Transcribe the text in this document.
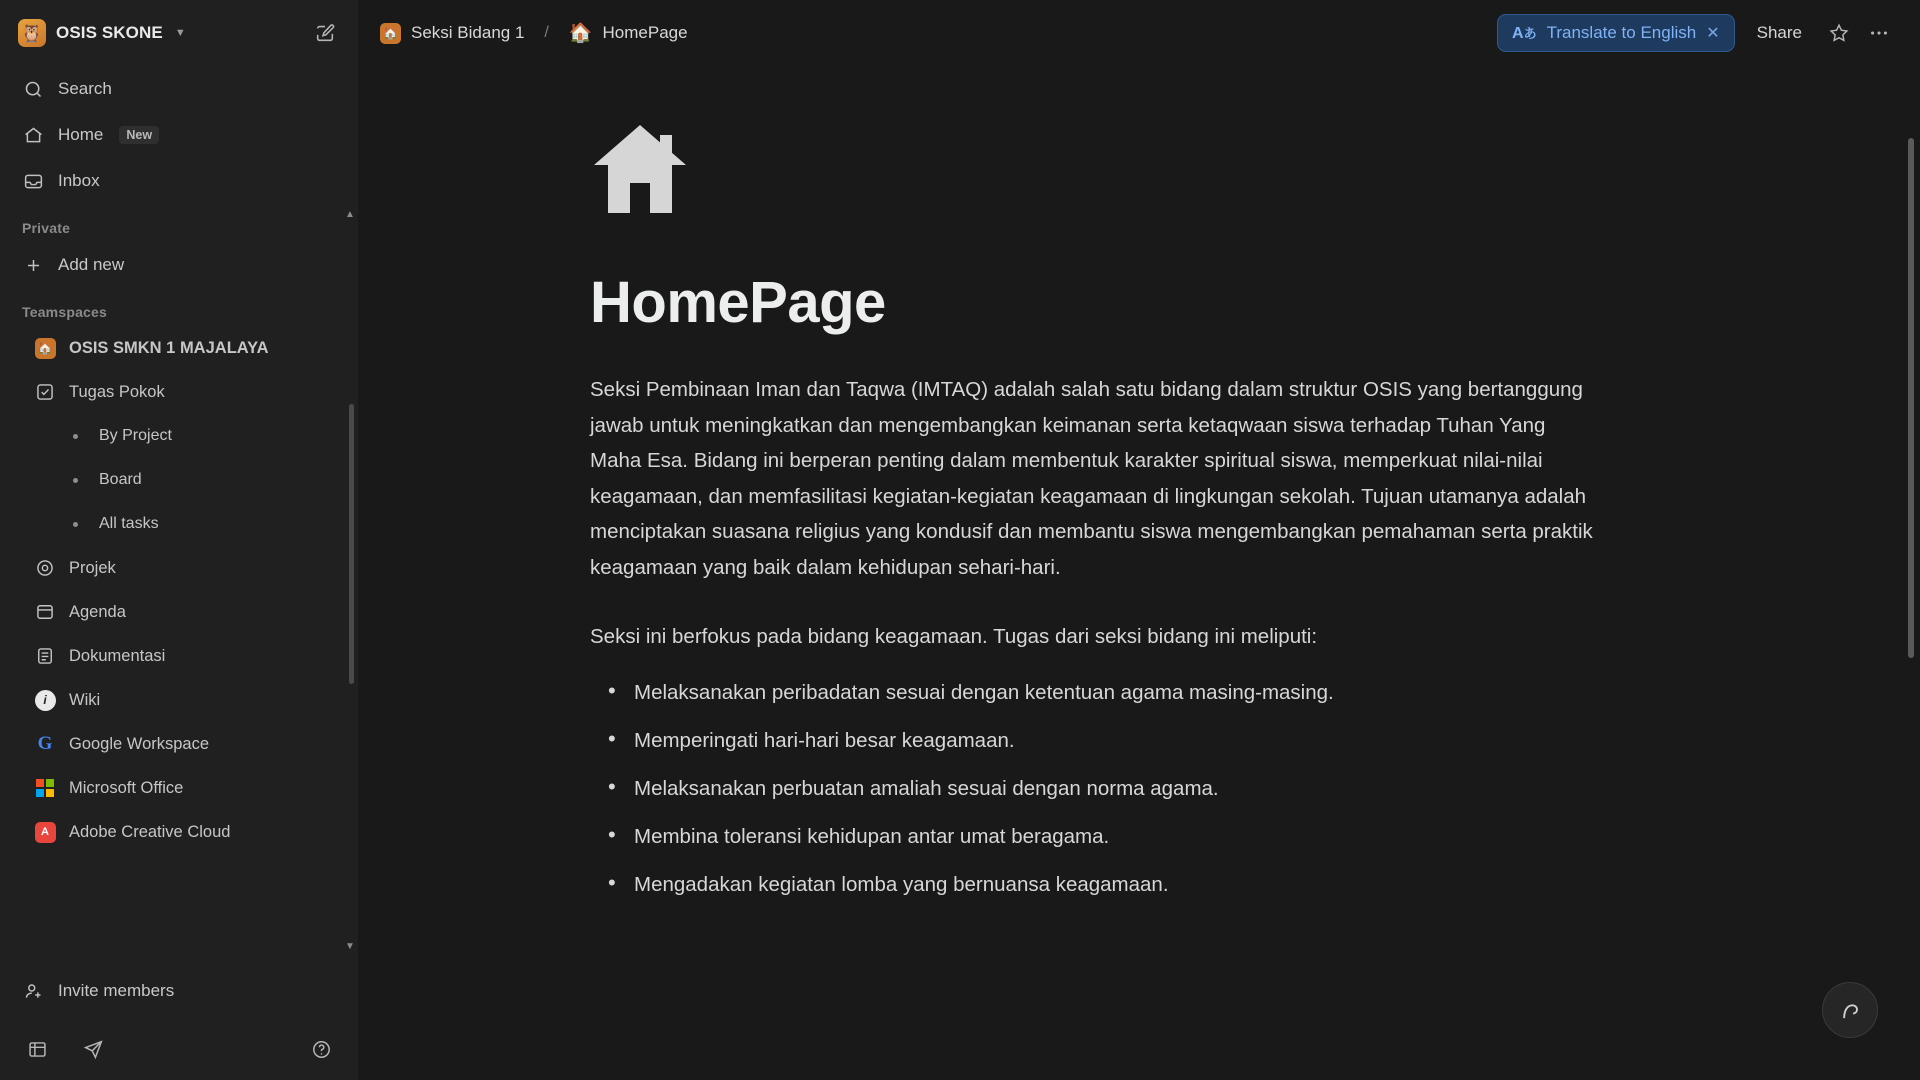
🦉 OSIS SKONE ▼
Search
Home	New
Inbox
Private
Add new
Teamspaces
🏠 OSIS SMKN 1 MAJALAYA
Tugas Pokok
By Project
Board
All tasks
Projek
Agenda
Dokumentasi
i	Wiki
G Google Workspace
Microsoft Office
A Adobe Creative Cloud
▲
▼
Invite members
🏠 Seksi Bidang 1 / 🏠 HomePage	Aあ Translate to English ✕	Share
HomePage
Seksi Pembinaan Iman dan Taqwa (IMTAQ) adalah salah satu bidang dalam struktur OSIS yang bertanggung jawab untuk meningkatkan dan mengembangkan keimanan serta ketaqwaan siswa terhadap Tuhan Yang Maha Esa. Bidang ini berperan penting dalam membentuk karakter spiritual siswa, memperkuat nilai-nilai keagamaan, dan memfasilitasi kegiatan-kegiatan keagamaan di lingkungan sekolah. Tujuan utamanya adalah menciptakan suasana religius yang kondusif dan membantu siswa mengembangkan pemahaman serta praktik keagamaan yang baik dalam kehidupan sehari-hari.
Seksi ini berfokus pada bidang keagamaan. Tugas dari seksi bidang ini meliputi:
• Melaksanakan peribadatan sesuai dengan ketentuan agama masing-masing.
• Memperingati hari-hari besar keagamaan.
• Melaksanakan perbuatan amaliah sesuai dengan norma agama.
• Membina toleransi kehidupan antar umat beragama.
• Mengadakan kegiatan lomba yang bernuansa keagamaan.
